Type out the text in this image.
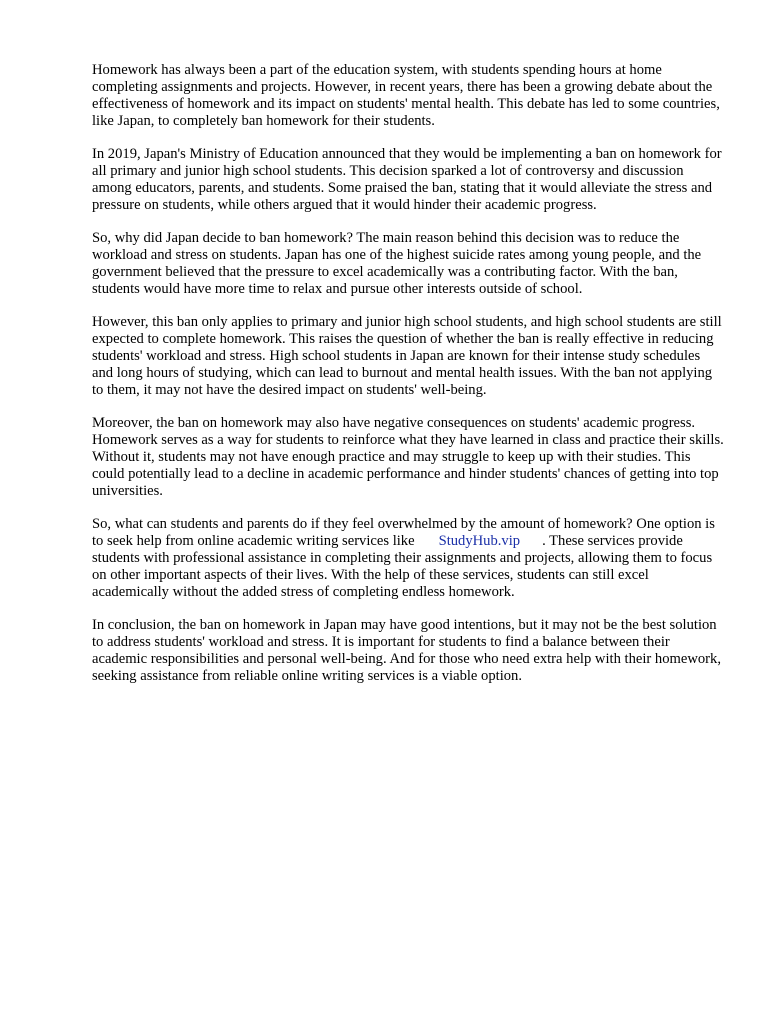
Homework has always been a part of the education system, with students spending hours at home completing assignments and projects. However, in recent years, there has been a growing debate about the effectiveness of homework and its impact on students' mental health. This debate has led to some countries, like Japan, to completely ban homework for their students.

In 2019, Japan's Ministry of Education announced that they would be implementing a ban on homework for all primary and junior high school students. This decision sparked a lot of controversy and discussion among educators, parents, and students. Some praised the ban, stating that it would alleviate the stress and pressure on students, while others argued that it would hinder their academic progress.

So, why did Japan decide to ban homework? The main reason behind this decision was to reduce the workload and stress on students. Japan has one of the highest suicide rates among young people, and the government believed that the pressure to excel academically was a contributing factor. With the ban, students would have more time to relax and pursue other interests outside of school.

However, this ban only applies to primary and junior high school students, and high school students are still expected to complete homework. This raises the question of whether the ban is really effective in reducing students' workload and stress. High school students in Japan are known for their intense study schedules and long hours of studying, which can lead to burnout and mental health issues. With the ban not applying to them, it may not have the desired impact on students' well-being.

Moreover, the ban on homework may also have negative consequences on students' academic progress. Homework serves as a way for students to reinforce what they have learned in class and practice their skills. Without it, students may not have enough practice and may struggle to keep up with their studies. This could potentially lead to a decline in academic performance and hinder students' chances of getting into top universities.

So, what can students and parents do if they feel overwhelmed by the amount of homework? One option is to seek help from online academic writing services like StudyHub.vip . These services provide students with professional assistance in completing their assignments and projects, allowing them to focus on other important aspects of their lives. With the help of these services, students can still excel academically without the added stress of completing endless homework.

In conclusion, the ban on homework in Japan may have good intentions, but it may not be the best solution to address students' workload and stress. It is important for students to find a balance between their academic responsibilities and personal well-being. And for those who need extra help with their homework, seeking assistance from reliable online writing services is a viable option.
